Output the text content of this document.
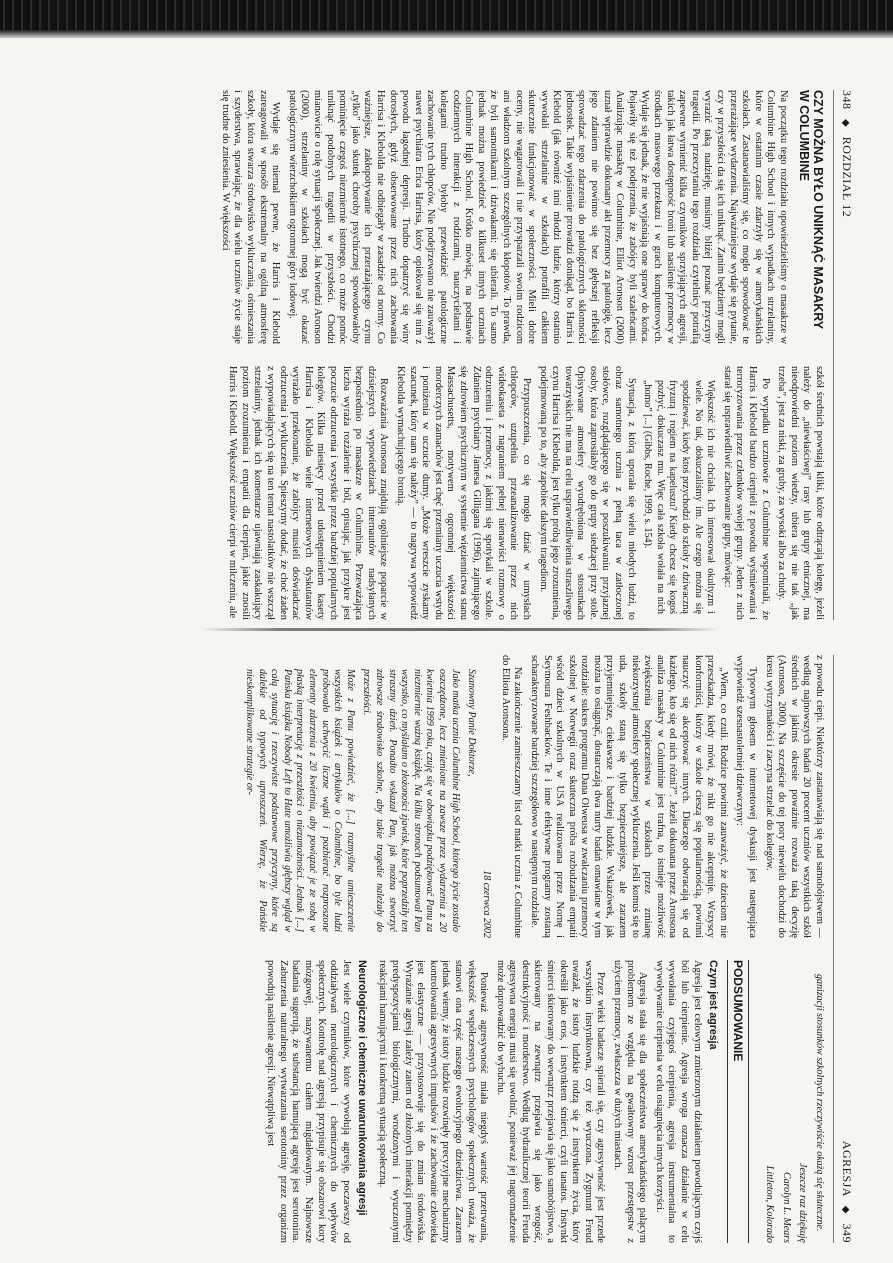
348 ◆ ROZDZIAŁ 12
CZY MOŻNA BYŁO UNIKNĄĆ MASAKRY W COLUMBINE

Na początku tego rozdziału opowiedzieliśmy o masakrze w Columbine High School i innych wypadkach strzelaniny, które w ostatnim czasie zdarzyły się w amerykańskich szkołach. Zastanawialiśmy się, co mogło spowodować te przerażające wydarzenia. Najważniejsze wydaje się pytanie, czy w przyszłości da się ich uniknąć. Zanim będziemy mogli wyrazić taką nadzieję, musimy bliżej poznać przyczyny tragedii. Po przeczytaniu tego rozdziału czytelnicy potrafią zapewne wymienić kilka czynników sprzyjających agresji, takich jak łatwa dostępność broni lub nasilenie przemocy w środkach masowego przekazu i w grach komputerowych. Wydaje się jednak, że nie wyjaśniają one sprawy do końca. Pojawiły się też podejrzenia, że zabójcy byli szaleńcami. Analizując masakrę w Columbine, Elliot Aronson (2000) uznał wprawdzie dokonany akt przemocy za patologię, lecz jego zdaniem nie powinno się bez głębszej refleksji sprowadzać tego zdarzenia do patologicznych skłonności jednostek. Takie wyjaśnienie prowadzi donikąd, bo Harris i Klebold (jak również inni młodzi ludzie, którzy ostatnio wywołali strzelanine w szkołach) potrafili całkiem skutecznie funkcjonować w społeczności. Mieli dobre oceny, nie wagarowali i nie przysparzali swoim rodzicom ani władzom szkolnym szczególnych kłopotów. To prawda, że byli samotnikami i dziwakami: się ubierali. To samo jednak można powiedzieć o kilkuset innych uczniach Columbine High School. Krótko mówiąc, na podstawie codziennych interakcji z rodzicami, nauczycielami i kolegami trudno byłoby przewidzieć patologiczne zachowanie tych chłopców. Nie podejrzewano nie zauważył nawet psychiatra Erica Harrisa, który opiekował się nim z powodu łagodnej depresji. Trudno dopatrzyć się winy dorosłych, gdyż obserwowane przez nich zachowania Harrisa i Klebolda nie odbiegały w zasadzie od normy. Co ważniejsze, zakłopotywanie ich przerażającego czynu „tylko” jako skutek choroby psychicznej spowodowałoby pominięcie czegoś niezmiernie istotnego, co może pomóc uniknąć podobnych tragedii w przyszłości. Chodzi mianowicie o rolę sytuacji społecznej. Jak twierdzi Aronson (2000), strzelaniny w szkołach mogą być okazać patologicznym wierzchołkiem ogromnej góry lodowej.

Wydaje się niemal pewne, że Harris i Klebold zareagowali w sposób ekstremalny na ogólną atmosferę szkoły, która stwarza środowisko wykluczania, ośmieszania i szyderstwa, sprawiając, że dla wielu uczniów życie staje się trudne do zniesienia. W większości

szkół średnich powstają kliki, które odtrącają kolegę, jeżeli należy do „niewłaściwej” rasy lub grupy etnicznej, ma nieodpowiedni poziom wiedzy, ubiera się nie tak „jak trzeba”, jest za niski, za gruby, za wysoki albo za chudy.

Po wypadku uczniowie z Columbine wspominali, że Harris i Klebold bardzo cierpieli z powodu wyśmiewania i terroryzowania przez członków swojej grupy. Jeden z nich starał się usprawiedliwić zachowanie grupy, mówiąc:

Większość ich nie chciała. Ich interesował okultyzm i wiele. No tak, dokuczaliśmy im. Ale czego można się spodziewać, kiedy ktoś przychodzi do szkoły z dziwaczną fryzurą i rogiem na kapeluszu? Kiedy chcesz się kogoś pozbyć, dokuczasz mu. Więc cała szkoła wołała na nich „homo” [...] (Gibbs, Roche, 1999, s. 154).

Sytuacja, z którą uporała się wielu młodych ludzi, to obraz samotnego ucznia z pełną taca w zatłoczonej stołówce, rozglądającego się w poszukiwaniu przyjaznej osoby, która zaprosiłaby go do grupy siedzącej przy stole. Opisywane atmosfery wyodrębniona w stosunkach towarzyskich nie ma na celu usprawiedliwienia straszliwego czynu Harrisa i Klebolda, jest tylko próbą jego zrozumienia, podejmowaną po to, aby zapobiec dalszym tragediom.

Przypuszczenia, co się mogło dziać w umysłach chłopców, uzupełnia przeanalizowanie przez nich wideokaseta z nagraniem pełnej nienawiści rozmowy o odrzuceniu i przemocy, z jakimi się spotykali w szkole. Zdaniem psychiatry Jamesa Gilligana (1996), zajmującego się zdrowiem psychicznym w systemie więziennictwa stanu Massachusetts, motywem ogromnej większości morderczych zamachów jest chęć przemiany uczucia wstydu i poniżenia w uczucie dumy. „Może wreszcie zyskamy szacunek, który nam się należy” — to nagrywa wypowiedź Klebolda wymachującego bronią.

Rozważania Aronsona znajdują ogólniejsze poparcie w dzisiejszych wypowiedziach internautów nadsyłanych bezpośrednio po masakrze w Columbine. Przeważająca liczba wyraża rozżalenie i ból, opisując, jak przykre jest poczucie odrzucenia i wszystkie przez bardziej popularnych kolegów. Kilka miesięcy przed udostępnieniem kasety Harrisa i Klebolda wiele internetowych dyskutantów wyrażało przekonanie, że zabójcy musieli doświadczać odrzucenia i wykluczenia. Spieszymy dodać, że choć żaden z wypowiadających się na ten temat nastolatków nie wszczął strzelaniny, jednak ich komentarze ujawniają zaskakujący poziom zrozumienia i empatii dla cierpień, jakie znosili Harris i Klebold. Większość uczniów cierpi w milczeniu, ale

AGRESJA ◆ 349

z powodu ciepi. Niektórzy zastanawiają się nad samobójstwem — według najnowszych badań 20 procent uczniów wszystkich szkół średnich w jakimś okresie poważnie rozważa taką decyzję (Aronson, 2000). Na szczęście do tej pory niewielu dochodzi do kresu wytrzymałości i zaczyna strzelać do kolegów.

Typowym głosem w internetowej dyskusji jest następująca wypowiedź szesnastoletniej dziewczyny:

„Wiem, co czuli. Rodzice powinni zauważyć, że dzieciom nie przeszkadza, kiedy mówi, że nikt go nie akceptuje. Wszyscy konformiści, którzy w szkole cieszą się popularnością, powinni nauczyć się akceptować innych. Dlaczego odwracają się od każdego, kto się od nich różni?”. Jeżeli dokonana przez Aronsona analiza masakry w Columbine jest trafna, to istnieje możliwość zwiększenia bezpieczeństwa w szkołach przez zmianę niekorzystnej atmosfery społecznej wykluczenia. Jeśli komuś się to uda, szkoły staną się tylko bezpieczniejsze, ale zarazem przyjemniejsze, ciekawsze i bardziej ludzkie. Wskazówek, jak można to osiągnąć, dostarczają dwa nurty badań omawiane w tym rozdziale: sukces programu Dana Olweusa w zwalczaniu przemocy szkolnej w Norwegii oraz skuteczna próba rozbudzania empatii wśród dzieci szkolnych w USA realizowana przez Nornę i Seymoura Feshbacków. Te i inne efektywne programy zostaną scharakteryzowane bardziej szczegółowo w następnym rozdziale.

Na zakończenie zamieszczamy list od matki ucznia z Columbine do Elliota Aronsona.

18 czerwca 2002

Szanowny Panie Doktorze,

Jako matka ucznia Columbine High School, którego życie zostało oszczędzone, lecz zmienione na zawsze przez wydarzenia z 20 kwietnia 1999 roku, czuję się w obowiązku podziękować Panu za niezmiernie ważną książkę. Na kilku stronach podsumował Pan wszystko, co myślałam o złożoności zjawisk, które poprzedziły ten straszny dzień. Ponadto wskazał Pan, jak można stworzyć zdrowsze środowisko szkolne, aby takie tragedie należały do przeszłości.

Może z Panu powiedzieć, że [...] rozmyślne umieszczenie wszystkich książek i artykułów o Columbine, bo tyle ludzi próbowało uchwycić liczne wątki i pozbierać rozproszone elementy zdarzenia z 20 kwietnia, aby powiązać je ze sobą w płaską interpretację z przeszłości o niezamożności. Jednak [...] Pańska książka Nobody Left to Hate umożliwia głębszy wgląd w całą sytuację i rzeczywiste podstawowe przyczyny, które są dalekie od typowych uproszczeń. Wierzę, że Pańskie nieskomplikowane strategie or-

ganizacji stosunków szkolnych rzeczywiście okażą się skuteczne.

Jeszcze raz dziękuję

Carolyn L. Mears

Littleton, Kolorado

PODSUMOWANIE
Czym jest agresja

Agresja jest celowym zmierzonym działaniem powodującym czyjś ból lub cierpienie. Agresja wroga oznacza działanie w celu wywołania czyjegoś cierpienia, agresja instrumentalna to wywoływanie cierpienia w celu osiągnięcia innych korzyści.

Agresja stała się dla społeczeństwa amerykańskiego palącym problemem ze względu na gwałtowny wzrost przestępstw z użyciem przemocy, zwłaszcza w dużych miastach.

Przez wieki badacze spierali się, czy agresywność jest przede wszystkim instynktowna, czy też wyuczona. Zygmunt Freud uważał, że istoty ludzkie rodzą się z instynktem życia, który określił jako eros, i instynktem śmierci, czyli tanatos. Instynkt śmierci skierowany do wewnątrz przejawia się jako samobójstwo, a skierowany na zewnątrz przejawia się jako wrogość, destrukcyjność i morderstwo. Według hydraulicznej teorii Freuda agresywna energia musi się uwolnić, ponieważ jej nagromadzenie może doprowadzić do wybuchu.

Ponieważ agresywność miała niegdyś wartość przetrwania, większość współczesnych psychologów społecznych uważa, że stanowi ona część naszego ewolucyjnego dziedzictwa. Zarazem jednak wiemy, że istoty ludzkie rozwinęły precyzyjne mechanizmy kontrolowania agresywnych impulsów i że zachowanie człowieka jest elastyczne — przystosowuje się do zmian środowiska. Wyrażanie agresji zależy zatem od złożonych interakcji pomiędzy predyspozycjami biologicznymi, wrodzonymi i wyuczonymi reakcjami hamującymi i konkretną sytuacją społeczną.

Neurologiczne i chemiczne uwarunkowania agresji

Jest wiele czynników, które wywołują agresję, poczawszy od oddziaływań neurologicznych i chemicznych do wpływów społecznych. Kontrolę nad agresją przypisuje się obszarowi kory mózgowej, nazywanemu ciałem migdałowatym. Najnowsze badania sugerują, że substancją hamującą agresję jest serotonina. Zaburzenia naturalnego wytwarzania serotoniny przez organizm powodują nasilenie agresji. Niewątpliwą jest
